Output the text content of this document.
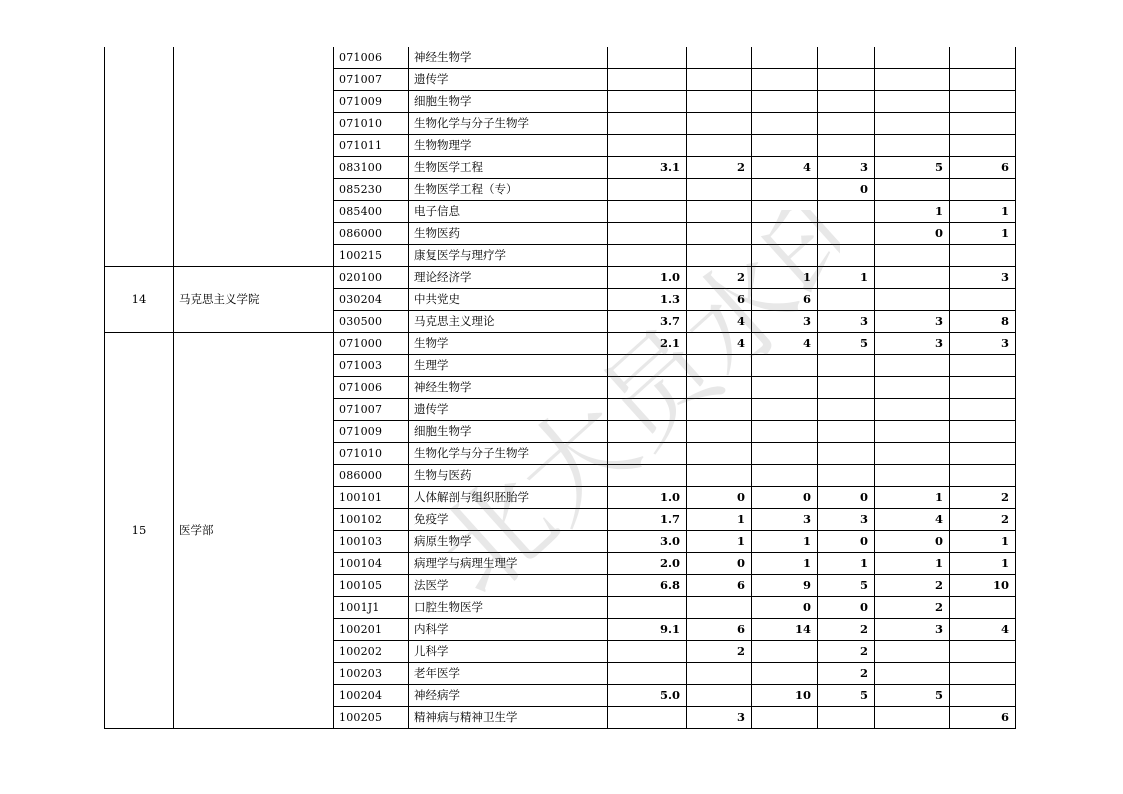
		071006	神经生物学						
		071007	遗传学						
		071009	细胞生物学						
		071010	生物化学与分子生物学						
		071011	生物物理学						
		083100	生物医学工程	3.1	2	4	3	5	6
		085230	生物医学工程（专）				0		
		085400	电子信息					1	1
		086000	生物医药					0	1
		100215	康复医学与理疗学						
14	马克思主义学院	020100	理论经济学	1.0	2	1	1		3
		030204	中共党史	1.3	6	6			
		030500	马克思主义理论	3.7	4	3	3	3	8
15	医学部	071000	生物学	2.1	4	4	5	3	3
		071003	生理学						
		071006	神经生物学						
		071007	遗传学						
		071009	细胞生物学						
		071010	生物化学与分子生物学						
		086000	生物与医药						
		100101	人体解剖与组织胚胎学	1.0	0	0	0	1	2
		100102	免疫学	1.7	1	3	3	4	2
		100103	病原生物学	3.0	1	1	0	0	1
		100104	病理学与病理生理学	2.0	0	1	1	1	1
		100105	法医学	6.8	6	9	5	2	10
		1001J1	口腔生物医学			0	0	2	
		100201	内科学	9.1	6	14	2	3	4
		100202	儿科学		2		2		
		100203	老年医学				2		
		100204	神经病学	5.0		10	5	5	
		100205	精神病与精神卫生学		3				6
北​大​员​水​印
